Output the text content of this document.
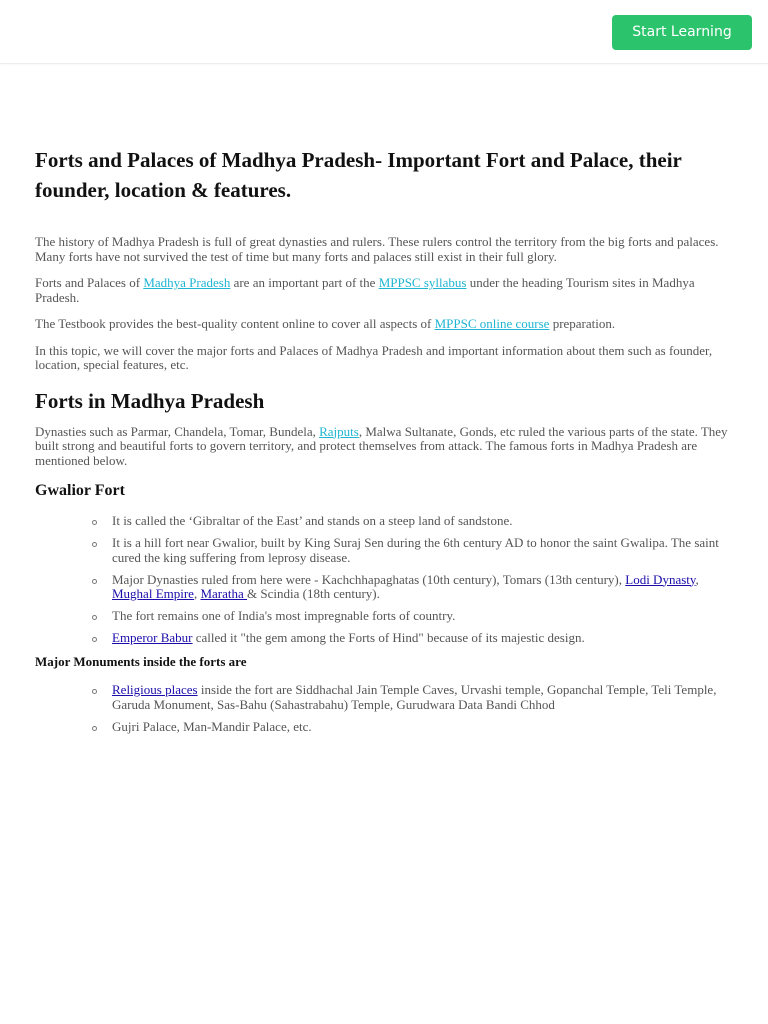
Start Learning
Forts and Palaces of Madhya Pradesh- Important Fort and Palace, their founder, location & features.

The history of Madhya Pradesh is full of great dynasties and rulers. These rulers control the territory from the big forts and palaces. Many forts have not survived the test of time but many forts and palaces still exist in their full glory.

Forts and Palaces of Madhya Pradesh are an important part of the MPPSC syllabus under the heading Tourism sites in Madhya Pradesh.

The Testbook provides the best-quality content online to cover all aspects of MPPSC online course preparation.

In this topic, we will cover the major forts and Palaces of Madhya Pradesh and important information about them such as founder, location, special features, etc.

Forts in Madhya Pradesh

Dynasties such as Parmar, Chandela, Tomar, Bundela, Rajputs, Malwa Sultanate, Gonds, etc ruled the various parts of the state. They built strong and beautiful forts to govern territory, and protect themselves from attack. The famous forts in Madhya Pradesh are mentioned below.

Gwalior Fort
It is called the ‘Gibraltar of the East’ and stands on a steep land of sandstone.
It is a hill fort near Gwalior, built by King Suraj Sen during the 6th century AD to honor the saint Gwalipa. The saint cured the king suffering from leprosy disease.
Major Dynasties ruled from here were - Kachchhapaghatas (10th century), Tomars (13th century), Lodi Dynasty, Mughal Empire, Maratha & Scindia (18th century).
The fort remains one of India's most impregnable forts of country.
Emperor Babur called it "the gem among the Forts of Hind" because of its majestic design.
Major Monuments inside the forts are
Religious places inside the fort are Siddhachal Jain Temple Caves, Urvashi temple, Gopanchal Temple, Teli Temple, Garuda Monument, Sas-Bahu (Sahastrabahu) Temple, Gurudwara Data Bandi Chhod
Gujri Palace, Man-Mandir Palace, etc.
